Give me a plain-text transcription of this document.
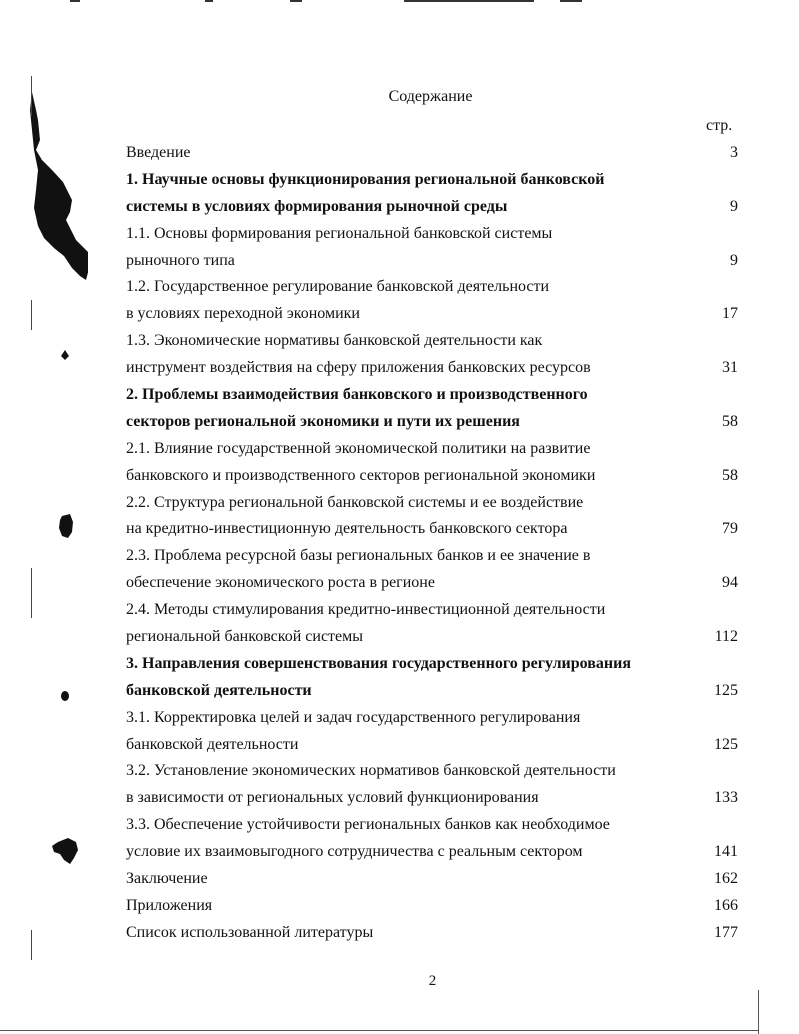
Содержание
стр.
Введение	3
1. Научные основы функционирования региональной банковской
системы в условиях формирования рыночной среды	9
1.1. Основы формирования региональной банковской системы
рыночного типа	9
1.2. Государственное регулирование банковской деятельности
в условиях переходной экономики	17
1.3. Экономические нормативы банковской деятельности как
инструмент воздействия на сферу приложения банковских ресурсов	31
2. Проблемы взаимодействия банковского и производственного
секторов региональной экономики и пути их решения	58
2.1. Влияние государственной экономической политики на развитие
банковского и производственного секторов региональной экономики	58
2.2. Структура региональной банковской системы и ее воздействие
на кредитно-инвестиционную деятельность банковского сектора	79
2.3. Проблема ресурсной базы региональных банков и ее значение в
обеспечение экономического роста в регионе	94
2.4. Методы стимулирования кредитно-инвестиционной деятельности
региональной банковской системы	112
3. Направления совершенствования государственного регулирования
банковской деятельности	125
3.1. Корректировка целей и задач государственного регулирования
банковской деятельности	125
3.2. Установление экономических нормативов банковской деятельности
в зависимости от региональных условий функционирования	133
3.3. Обеспечение устойчивости региональных банков как необходимое
условие их взаимовыгодного сотрудничества с реальным сектором	141
Заключение	162
Приложения	166
Список использованной литературы	177
2
